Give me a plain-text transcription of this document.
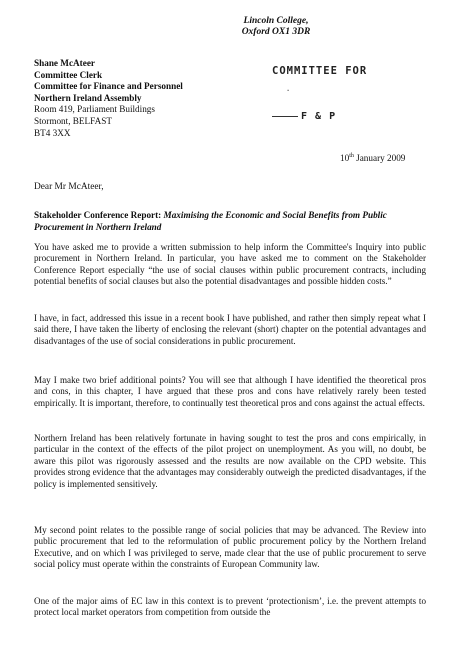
Lincoln College,
Oxford OX1 3DR
Shane McAteer
Committee Clerk
Committee for Finance and Personnel
Northern Ireland Assembly
Room 419, Parliament Buildings
Stormont, BELFAST
BT4 3XX
COMMITTEE FOR
·
F & P
10th January 2009
Dear Mr McAteer,
Stakeholder Conference Report: Maximising the Economic and Social Benefits from Public Procurement in Northern Ireland
You have asked me to provide a written submission to help inform the Committee's Inquiry into public procurement in Northern Ireland. In particular, you have asked me to comment on the Stakeholder Conference Report especially “the use of social clauses within public procurement contracts, including potential benefits of social clauses but also the potential disadvantages and possible hidden costs.”
I have, in fact, addressed this issue in a recent book I have published, and rather then simply repeat what I said there, I have taken the liberty of enclosing the relevant (short) chapter on the potential advantages and disadvantages of the use of social considerations in public procurement.
May I make two brief additional points? You will see that although I have identified the theoretical pros and cons, in this chapter, I have argued that these pros and cons have relatively rarely been tested empirically. It is important, therefore, to continually test theoretical pros and cons against the actual effects.
Northern Ireland has been relatively fortunate in having sought to test the pros and cons empirically, in particular in the context of the effects of the pilot project on unemployment. As you will, no doubt, be aware this pilot was rigorously assessed and the results are now available on the CPD website. This provides strong evidence that the advantages may considerably outweigh the predicted disadvantages, if the policy is implemented sensitively.
My second point relates to the possible range of social policies that may be advanced. The Review into public procurement that led to the reformulation of public procurement policy by the Northern Ireland Executive, and on which I was privileged to serve, made clear that the use of public procurement to serve social policy must operate within the constraints of European Community law.
One of the major aims of EC law in this context is to prevent ‘protectionism’, i.e. the prevent attempts to protect local market operators from competition from outside the
